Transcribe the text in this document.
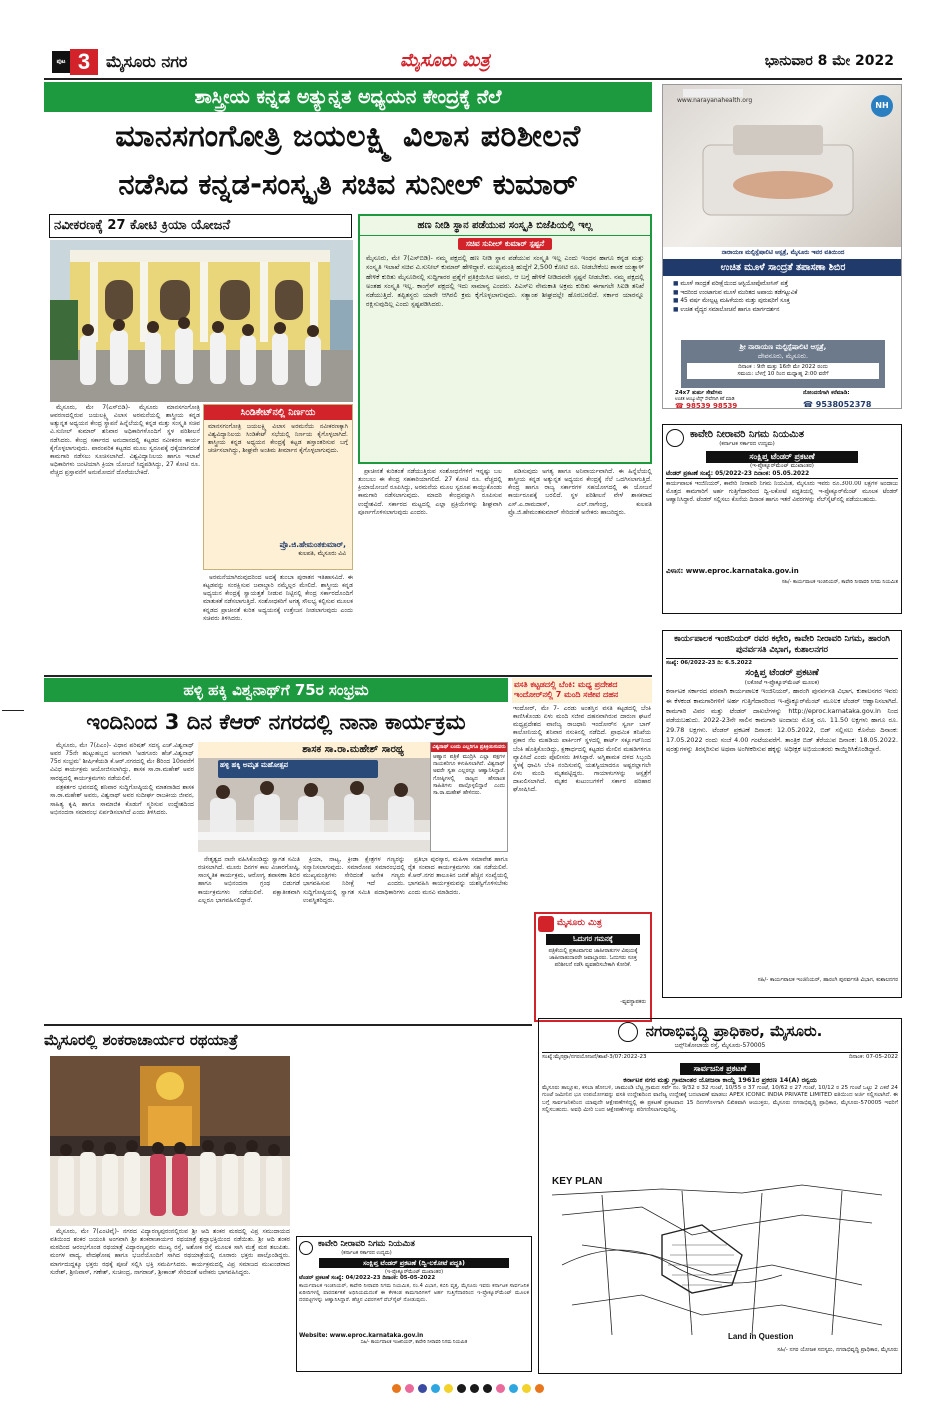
ಪುಟ 3 ಮೈಸೂರು ನಗರ	ಮೈಸೂರು ಮಿತ್ರ	ಭಾನುವಾರ 8 ಮೇ 2022
ಶಾಸ್ತ್ರೀಯ ಕನ್ನಡ ಅತ್ಯುನ್ನತ ಅಧ್ಯಯನ ಕೇಂದ್ರಕ್ಕೆ ನೆಲೆ
ಮಾನಸಗಂಗೋತ್ರಿ ಜಯಲಕ್ಷ್ಮಿ ವಿಲಾಸ ಪರಿಶೀಲನೆ
ನಡೆಸಿದ ಕನ್ನಡ-ಸಂಸ್ಕೃತಿ ಸಚಿವ ಸುನೀಲ್ ಕುಮಾರ್
ನವೀಕರಣಕ್ಕೆ 27 ಕೋಟಿ ಕ್ರಿಯಾ ಯೋಜನೆ

ಮೈಸೂರು, ಮೇ 7(ಎಸ್‌ಬಿಡಿ)- ಮೈಸೂರು ಮಾನಸಗಂಗೋತ್ರಿ ಆವರಣದಲ್ಲಿರುವ ಜಯಲಕ್ಷ್ಮಿ ವಿಲಾಸ ಅರಮನೆಯಲ್ಲಿ ಶಾಸ್ತ್ರೀಯ ಕನ್ನಡ ಅತ್ಯುನ್ನತ ಅಧ್ಯಯನ ಕೇಂದ್ರ ಸ್ಥಾಪನೆ ಹಿನ್ನೆಲೆಯಲ್ಲಿ ಕನ್ನಡ ಮತ್ತು ಸಂಸ್ಕೃತಿ ಸಚಿವ ವಿ.ಸುನೀಲ್ ಕುಮಾರ್ ಶನಿವಾರ ಅಧಿಕಾರಿಗಳೊಂದಿಗೆ ಸ್ಥಳ ಪರಿಶೀಲನೆ ನಡೆಸಿದರು. ಕೇಂದ್ರ ಸರ್ಕಾರದ ಅನುದಾನದಲ್ಲಿ ಕಟ್ಟಡದ ನವೀಕರಣ ಕಾರ್ಯ ಕೈಗೊಳ್ಳಲಾಗುವುದು. ಪಾರಂಪರಿಕ ಕಟ್ಟಡದ ಮೂಲ ಸ್ವರೂಪಕ್ಕೆ ಧಕ್ಕೆಯಾಗದಂತೆ ಕಾಮಗಾರಿ ನಡೆಸಲು ಸೂಚಿಸಲಾಗಿದೆ. ವಿಶ್ವವಿದ್ಯಾನಿಲಯ ಹಾಗೂ ಇಲಾಖೆ ಅಧಿಕಾರಿಗಳು ಜಂಟಿಯಾಗಿ ಕ್ರಿಯಾ ಯೋಜನೆ ಸಿದ್ಧಪಡಿಸಿದ್ದು, 27 ಕೋಟಿ ರೂ. ವೆಚ್ಚದ ಪ್ರಸ್ತಾವನೆಗೆ ಅನುಮೋದನೆ ದೊರೆಯಬೇಕಿದೆ.

ಸಿಂಡಿಕೇಟ್‌ನಲ್ಲಿ ನಿರ್ಣಯ
ಮಾನಸಗಂಗೋತ್ರಿ ಜಯಲಕ್ಷ್ಮಿ ವಿಲಾಸ ಅರಮನೆಯ ನವೀಕರಣಕ್ಕಾಗಿ ವಿಶ್ವವಿದ್ಯಾನಿಲಯ ಸಿಂಡಿಕೇಟ್ ಸಭೆಯಲ್ಲಿ ನಿರ್ಣಯ ಕೈಗೊಳ್ಳಲಾಗಿದೆ. ಶಾಸ್ತ್ರೀಯ ಕನ್ನಡ ಅಧ್ಯಯನ ಕೇಂದ್ರಕ್ಕೆ ಕಟ್ಟಡ ಹಸ್ತಾಂತರಿಸುವ ಬಗ್ಗೆ ಚರ್ಚಿಸಲಾಗಿದ್ದು, ಶೀಘ್ರವೇ ಅಂತಿಮ ತೀರ್ಮಾನ ಕೈಗೊಳ್ಳಲಾಗುವುದು.
ಪ್ರೊ.ಜಿ.ಹೇಮಂತಕುಮಾರ್,
ಕುಲಪತಿ, ಮೈಸೂರು ವಿವಿ

ಅರಮನೆಯಾಗಿರುವುದರಿಂದ ಅದಕ್ಕೆ ತುಂಬಾ ಪುರಾತನ ಇತಿಹಾಸವಿದೆ. ಈ ಕಟ್ಟಡವನ್ನು ಸಂರಕ್ಷಿಸುವ ಜವಾಬ್ದಾರಿ ನಮ್ಮೆಲ್ಲರ ಮೇಲಿದೆ. ಶಾಸ್ತ್ರೀಯ ಕನ್ನಡ ಅಧ್ಯಯನ ಕೇಂದ್ರಕ್ಕೆ ಸ್ವಾಯತ್ತತೆ ನೀಡುವ ನಿಟ್ಟಿನಲ್ಲಿ ಕೇಂದ್ರ ಸರ್ಕಾರದೊಂದಿಗೆ ಮಾತುಕತೆ ನಡೆಸಲಾಗುತ್ತಿದೆ. ಸಂಶೋಧಕರಿಗೆ ಅಗತ್ಯ ಸೌಲಭ್ಯ ಕಲ್ಪಿಸುವ ಮೂಲಕ ಕನ್ನಡದ ಪ್ರಾಚೀನತೆ ಕುರಿತ ಅಧ್ಯಯನಕ್ಕೆ ಉತ್ತೇಜನ ನೀಡಲಾಗುವುದು ಎಂದು ಸಚಿವರು ತಿಳಿಸಿದರು.

ಹಣ ನೀಡಿ ಸ್ಥಾನ ಪಡೆಯುವ ಸಂಸ್ಕೃತಿ ಬಿಜೆಪಿಯಲ್ಲಿ ಇಲ್ಲ
ಸಚಿವ ಸುನೀಲ್ ಕುಮಾರ್ ಸ್ಪಷ್ಟನೆ
ಮೈಸೂರು, ಮೇ 7(ಎಸ್‌ಬಿಡಿ)- ನಮ್ಮ ಪಕ್ಷದಲ್ಲಿ ಹಣ ನೀಡಿ ಸ್ಥಾನ ಪಡೆಯುವ ಸಂಸ್ಕೃತಿ ಇಲ್ಲ ಎಂದು ಇಂಧನ ಹಾಗೂ ಕನ್ನಡ ಮತ್ತು ಸಂಸ್ಕೃತಿ ಇಲಾಖೆ ಸಚಿವ ವಿ.ಸುನೀಲ್ ಕುಮಾರ್ ಹೇಳಿದ್ದಾರೆ. ಮುಖ್ಯಮಂತ್ರಿ ಹುದ್ದೆಗೆ 2,500 ಕೋಟಿ ರೂ. ನೀಡಬೇಕೆಂಬ ಶಾಸಕ ಯತ್ನಾಳ್ ಹೇಳಿಕೆ ಕುರಿತು ಮೈಸೂರಿನಲ್ಲಿ ಸುದ್ದಿಗಾರರ ಪ್ರಶ್ನೆಗೆ ಪ್ರತಿಕ್ರಿಯಿಸಿದ ಅವರು, ಆ ಬಗ್ಗೆ ಹೇಳಿಕೆ ನೀಡಿದವರೇ ಸ್ಪಷ್ಟನೆ ನೀಡಬೇಕು. ನಮ್ಮ ಪಕ್ಷದಲ್ಲಿ ಅಂತಹ ಸಂಸ್ಕೃತಿ ಇಲ್ಲ. ಕಾಂಗ್ರೆಸ್ ಪಕ್ಷದಲ್ಲಿ ಇದು ಸಾಮಾನ್ಯ ಎಂದರು. ಪಿಎಸ್‌ಐ ನೇಮಕಾತಿ ಅಕ್ರಮ ಕುರಿತು ಈಗಾಗಲೇ ಸಿಐಡಿ ತನಿಖೆ ನಡೆಯುತ್ತಿದೆ. ತಪ್ಪಿತಸ್ಥರು ಯಾರೇ ಆಗಿರಲಿ ಕ್ರಮ ಕೈಗೊಳ್ಳಲಾಗುವುದು. ಸತ್ಯಾಂಶ ಶೀಘ್ರದಲ್ಲೇ ಹೊರಬರಲಿದೆ. ಸರ್ಕಾರ ಯಾರನ್ನೂ ರಕ್ಷಿಸುವುದಿಲ್ಲ ಎಂದು ಸ್ಪಷ್ಟಪಡಿಸಿದರು.

ಪ್ರಾಚೀನತೆ ಕುರಿತಂತೆ ನಡೆಯುತ್ತಿರುವ ಸಂಶೋಧನೆಗಳಿಗೆ ಇನ್ನಷ್ಟು ಬಲ ತುಂಬಲು ಈ ಕೇಂದ್ರ ಸಹಕಾರಿಯಾಗಲಿದೆ. 27 ಕೋಟಿ ರೂ. ವೆಚ್ಚದಲ್ಲಿ ಕ್ರಿಯಾಯೋಜನೆ ರೂಪಿಸಿದ್ದು, ಅರಮನೆಯ ಮೂಲ ಸ್ವರೂಪ ಕಾಯ್ದುಕೊಂಡು ಕಾಮಗಾರಿ ನಡೆಸಲಾಗುವುದು. ಮಾದರಿ ಕೇಂದ್ರವನ್ನಾಗಿ ರೂಪಿಸುವ ಉದ್ದೇಶವಿದೆ. ಸರ್ಕಾರದ ಮಟ್ಟದಲ್ಲಿ ಎಲ್ಲಾ ಪ್ರಕ್ರಿಯೆಗಳನ್ನು ಶೀಘ್ರವಾಗಿ ಪೂರ್ಣಗೊಳಿಸಲಾಗುವುದು ಎಂದರು.

ಪಡಿಸುವುದು ಅಗತ್ಯ ಹಾಗೂ ಅನಿವಾರ್ಯವಾಗಿದೆ. ಈ ಹಿನ್ನೆಲೆಯಲ್ಲಿ ಶಾಸ್ತ್ರೀಯ ಕನ್ನಡ ಅತ್ಯುನ್ನತ ಅಧ್ಯಯನ ಕೇಂದ್ರಕ್ಕೆ ನೆಲೆ ಒದಗಿಸಲಾಗುತ್ತಿದೆ. ಕೇಂದ್ರ ಹಾಗೂ ರಾಜ್ಯ ಸರ್ಕಾರಗಳ ಸಹಯೋಗದಲ್ಲಿ ಈ ಯೋಜನೆ ಕಾರ್ಯರೂಪಕ್ಕೆ ಬರಲಿದೆ. ಸ್ಥಳ ಪರಿಶೀಲನೆ ವೇಳೆ ಶಾಸಕರಾದ ಎಸ್.ಎ.ರಾಮದಾಸ್, ಎಲ್.ನಾಗೇಂದ್ರ, ಕುಲಪತಿ ಪ್ರೊ.ಜಿ.ಹೇಮಂತಕುಮಾರ್ ಸೇರಿದಂತೆ ಅನೇಕರು ಹಾಜರಿದ್ದರು.

www.narayanahealth.org
NH
ನಾರಾಯಣ ಮಲ್ಟಿಸ್ಪೆಷಾಲಿಟಿ ಆಸ್ಪತ್ರೆ, ಮೈಸೂರು ಇವರ ವತಿಯಿಂದ
ಉಚಿತ ಮೂಳೆ ಸಾಂದ್ರತೆ ತಪಾಸಣಾ ಶಿಬಿರ
■ ಮೂಳೆ ಸಾಂದ್ರತೆ ಪರೀಕ್ಷೆಯಿಂದ ಆಸ್ಟಿಯೋಪೊರೋಸಿಸ್ ಪತ್ತೆ
■ ಇದರಿಂದ ಉಂಟಾಗುವ ಮೂಳೆ ಮುರಿತದ ಅಪಾಯ ತಡೆಗಟ್ಟುವಿಕೆ
■ 45 ವರ್ಷ ಮೇಲ್ಪಟ್ಟ ಮಹಿಳೆಯರು ಮತ್ತು ಪುರುಷರಿಗೆ ಸೂಕ್ತ
■ ಉಚಿತ ವೈದ್ಯರ ಸಮಾಲೋಚನೆ ಹಾಗೂ ಮಾರ್ಗದರ್ಶನ
ಶ್ರೀ ನಾರಾಯಣ ಮಲ್ಟಿಸ್ಪೆಷಾಲಿಟಿ ಆಸ್ಪತ್ರೆ,
ದೇವನೂರು, ಮೈಸೂರು.
ದಿನಾಂಕ : 9ನೇ ಮತ್ತು 16ನೇ ಮೇ 2022 ರಂದು
ಸಮಯ: ಬೆಳಗ್ಗೆ 10 ರಿಂದ ಮಧ್ಯಾಹ್ನ 2:00 ವರೆಗೆ
24x7 ತುರ್ತು ಸೇವೆಗಳು
ಉಚಿತ ಆಂಬ್ಯುಲೆನ್ಸ್ ಸೇವೆಗಾಗಿ ಕರೆ ಮಾಡಿ
☎ 98539 98539
ನೋಂದಣಿಗಾಗಿ ಕರೆಮಾಡಿ:
☎ 9538052378
ಕಾವೇರಿ ನೀರಾವರಿ ನಿಗಮ ನಿಯಮಿತ
(ಕರ್ನಾಟಕ ಸರ್ಕಾರದ ಉದ್ಯಮ)
ಸಂಕ್ಷಿಪ್ತ ಟೆಂಡರ್ ಪ್ರಕಟಣೆ
(ಇ-ಪ್ರೊಕ್ಯೂರ್‌ಮೆಂಟ್ ಮುಖಾಂತರ)
ಟೆಂಡರ್ ಪ್ರಕಟಣೆ ಸಂಖ್ಯೆ: 05/2022-23 ದಿನಾಂಕ: 05.05.2022
ಕಾರ್ಯಪಾಲಕ ಇಂಜಿನಿಯರ್, ಕಾವೇರಿ ನೀರಾವರಿ ನಿಗಮ ನಿಯಮಿತ, ಮೈಸೂರು ಇವರು ರೂ.300.00 ಲಕ್ಷಗಳ ಅಂದಾಜು ಮೊತ್ತದ ಕಾಮಗಾರಿಗೆ ಅರ್ಹ ಗುತ್ತಿಗೆದಾರರಿಂದ ದ್ವಿ-ಲಕೋಟೆ ಪದ್ಧತಿಯಲ್ಲಿ ಇ-ಪ್ರೊಕ್ಯೂರ್‌ಮೆಂಟ್ ಮೂಲಕ ಟೆಂಡರ್ ಆಹ್ವಾನಿಸಿದ್ದಾರೆ. ಟೆಂಡರ್ ಸಲ್ಲಿಸಲು ಕೊನೆಯ ದಿನಾಂಕ ಹಾಗೂ ಇತರೆ ವಿವರಗಳನ್ನು ವೆಬ್‌ಸೈಟ್‌ನಲ್ಲಿ ಪಡೆಯಬಹುದು.
ವಿಳಾಸ: www.eproc.karnataka.gov.in
ಸಹಿ/- ಕಾರ್ಯಪಾಲಕ ಇಂಜಿನಿಯರ್, ಕಾವೇರಿ ನೀರಾವರಿ ನಿಗಮ ನಿಯಮಿತ
ಕಾರ್ಯಪಾಲಕ ಇಂಜಿನಿಯರ್ ರವರ ಕಛೇರಿ, ಕಾವೇರಿ ನೀರಾವರಿ ನಿಗಮ, ಹಾರಂಗಿ ಪುನರ್ವಸತಿ ವಿಭಾಗ, ಕುಶಾಲನಗರ
ಸಂಖ್ಯೆ: 06/2022-23 ದಿ: 6.5.2022
ಸಂಕ್ಷಿಪ್ತ ಟೆಂಡರ್ ಪ್ರಕಟಣೆ
(ಲಕೋಟೆ ಇ-ಪ್ರೊಕ್ಯೂರ್‌ಮೆಂಟ್ ಮೂಲಕ)
ಕರ್ನಾಟಕ ಸರ್ಕಾರದ ಪರವಾಗಿ ಕಾರ್ಯಪಾಲಕ ಇಂಜಿನಿಯರ್, ಹಾರಂಗಿ ಪುನರ್ವಸತಿ ವಿಭಾಗ, ಕುಶಾಲನಗರ ಇವರು ಈ ಕೆಳಕಂಡ ಕಾಮಗಾರಿಗಳಿಗೆ ಅರ್ಹ ಗುತ್ತಿಗೆದಾರರಿಂದ ಇ-ಪ್ರೊಕ್ಯೂರ್‌ಮೆಂಟ್ ಮೂಲಕ ಟೆಂಡರ್ ಆಹ್ವಾನಿಸಲಾಗಿದೆ. ಕಾಮಗಾರಿ ವಿವರ ಮತ್ತು ಟೆಂಡರ್ ದಾಖಲೆಗಳನ್ನು http://eproc.karnataka.gov.in ನಿಂದ ಪಡೆಯಬಹುದು. 2022-23ನೇ ಸಾಲಿನ ಕಾಮಗಾರಿ ಅಂದಾಜು ಮೊತ್ತ ರೂ. 11.50 ಲಕ್ಷಗಳು ಹಾಗೂ ರೂ. 29.78 ಲಕ್ಷಗಳು. ಟೆಂಡರ್ ಪ್ರಕಟಣೆ ದಿನಾಂಕ: 12.05.2022, ಬಿಡ್ ಸಲ್ಲಿಸಲು ಕೊನೆಯ ದಿನಾಂಕ: 17.05.2022 ರಂದು ಸಂಜೆ 4.00 ಗಂಟೆಯವರೆಗೆ. ತಾಂತ್ರಿಕ ಬಿಡ್ ತೆರೆಯುವ ದಿನಾಂಕ: 18.05.2022. ಷರತ್ತುಗಳನ್ನು ತಿರಸ್ಕರಿಸುವ ಅಥವಾ ಅಂಗೀಕರಿಸುವ ಹಕ್ಕನ್ನು ಅಧೀಕ್ಷಕ ಅಭಿಯಂತರರು ಕಾಯ್ದಿರಿಸಿಕೊಂಡಿದ್ದಾರೆ.
ಸಹಿ/- ಕಾರ್ಯಪಾಲಕ ಇಂಜಿನಿಯರ್, ಹಾರಂಗಿ ಪುನರ್ವಸತಿ ವಿಭಾಗ, ಕುಶಾಲನಗರ
ಹಳ್ಳಿ ಹಕ್ಕಿ ವಿಶ್ವನಾಥ್‌ಗೆ 75ರ ಸಂಭ್ರಮ
ಇಂದಿನಿಂದ 3 ದಿನ ಕೆಆರ್ ನಗರದಲ್ಲಿ ನಾನಾ ಕಾರ್ಯಕ್ರಮ
ಶಾಸಕ ಸಾ.ರಾ.ಮಹೇಶ್ ಸಾರಥ್ಯ
ಹಳ್ಳಿ ಹಕ್ಕಿ ಅಮೃತ ಮಹೋತ್ಸವ

ಮೈಸೂರು, ಮೇ 7(ಪಿಎಂ)- ವಿಧಾನ ಪರಿಷತ್ ಸದಸ್ಯ ಎಚ್.ವಿಶ್ವನಾಥ್ ಅವರ 75ನೇ ಹುಟ್ಟುಹಬ್ಬದ ಅಂಗವಾಗಿ 'ಅಡಗೂರು ಹೆಚ್.ವಿಶ್ವನಾಥ್ 75ರ ಸಂಭ್ರಮ' ಶೀರ್ಷಿಕೆಯಡಿ ಕೆ.ಆರ್.ನಗರದಲ್ಲಿ ಮೇ 8ರಿಂದ 10ರವರೆಗೆ ವಿವಿಧ ಕಾರ್ಯಕ್ರಮ ಆಯೋಜಿಸಲಾಗಿದ್ದು, ಶಾಸಕ ಸಾ.ರಾ.ಮಹೇಶ್ ಅವರ ಸಾರಥ್ಯದಲ್ಲಿ ಕಾರ್ಯಕ್ರಮಗಳು ನಡೆಯಲಿವೆ.

ಪತ್ರಕರ್ತರ ಭವನದಲ್ಲಿ ಶನಿವಾರ ಸುದ್ದಿಗೋಷ್ಠಿಯಲ್ಲಿ ಮಾತನಾಡಿದ ಶಾಸಕ ಸಾ.ರಾ.ಮಹೇಶ್ ಅವರು, ವಿಶ್ವನಾಥ್ ಅವರ ಸುದೀರ್ಘ ರಾಜಕೀಯ ಜೀವನ, ಸಾಹಿತ್ಯ ಕೃಷಿ ಹಾಗೂ ಸಾಮಾಜಿಕ ಕೊಡುಗೆ ಸ್ಮರಿಸುವ ಉದ್ದೇಶದಿಂದ ಅಭಿನಂದನಾ ಸಮಾರಂಭ ಏರ್ಪಡಿಸಲಾಗಿದೆ ಎಂದು ತಿಳಿಸಿದರು.

ನೇತೃತ್ವದ ನಾನೇ ವಹಿಸಿಕೊಂಡಿದ್ದು ಸ್ವಾಗತ ಸಮಿತಿ ರಚಿಸಲಾಗಿದೆ. ಮೂರು ದಿನಗಳ ಕಾಲ ವಿಚಾರಗೋಷ್ಠಿ, ಸಾಂಸ್ಕೃತಿಕ ಕಾರ್ಯಕ್ರಮ, ಆರೋಗ್ಯ ತಪಾಸಣಾ ಶಿಬಿರ ಹಾಗೂ ಅಭಿನಂದನಾ ಗ್ರಂಥ ಬಿಡುಗಡೆ ಕಾರ್ಯಕ್ರಮಗಳು ನಡೆಯಲಿವೆ. ಪಕ್ಷಾತೀತವಾಗಿ ಎಲ್ಲರೂ ಭಾಗವಹಿಸಲಿದ್ದಾರೆ.

ಕ್ರಿಯಾ, ನಾಟ್ಯ, ಕ್ರೀಡಾ ಕ್ಷೇತ್ರಗಳ ಗಣ್ಯರನ್ನು ಸನ್ಮಾನಿಸಲಾಗುವುದು. ಸಮಾರೋಪ ಸಮಾರಂಭದಲ್ಲಿ ಮುಖ್ಯಮಂತ್ರಿಗಳು ಸೇರಿದಂತೆ ಅನೇಕ ಗಣ್ಯರು ಭಾಗವಹಿಸುವ ನಿರೀಕ್ಷೆ ಇದೆ ಎಂದರು. ಸುದ್ದಿಗೋಷ್ಠಿಯಲ್ಲಿ ಸ್ವಾಗತ ಸಮಿತಿ ಪದಾಧಿಕಾರಿಗಳು ಉಪಸ್ಥಿತರಿದ್ದರು.

ಪ್ರತಿಭಾ ಪುರಸ್ಕಾರ, ಮಹಿಳಾ ಸಮಾವೇಶ ಹಾಗೂ ರೈತ ಸಂವಾದ ಕಾರ್ಯಕ್ರಮಗಳು ಸಹ ನಡೆಯಲಿವೆ. ಕೆ.ಆರ್.ನಗರ ತಾಲೂಕಿನ ಜನತೆ ಹೆಚ್ಚಿನ ಸಂಖ್ಯೆಯಲ್ಲಿ ಭಾಗವಹಿಸಿ ಕಾರ್ಯಕ್ರಮವನ್ನು ಯಶಸ್ವಿಗೊಳಿಸಬೇಕು ಎಂದು ಮನವಿ ಮಾಡಿದರು.

ವಿಶ್ವನಾಥ್ ಬಂದು ಎಲ್ಲರಿಗೂ ಪ್ರತಿಕ್ರಿಯಿಸುವರು
ಆಹ್ವಾನ ಪತ್ರಿಕೆ ಮುದ್ರಿಸಿ ಎಲ್ಲಾ ಪಕ್ಷಗಳ ನಾಯಕರಿಗೂ ಕಳುಹಿಸಲಾಗಿದೆ. ವಿಶ್ವನಾಥ್ ಅವರೇ ಸ್ವತಃ ಎಲ್ಲರನ್ನೂ ಆಹ್ವಾನಿಸಿದ್ದಾರೆ. ಗೋಷ್ಠಿಗಳಲ್ಲಿ ರಾಜ್ಯದ ಹೆಸರಾಂತ ಸಾಹಿತಿಗಳು ಪಾಲ್ಗೊಳ್ಳಲಿದ್ದಾರೆ ಎಂದು ಸಾ.ರಾ.ಮಹೇಶ್ ಹೇಳಿದರು.
ವಸತಿ ಕಟ್ಟಡದಲ್ಲಿ ಬೆಂಕಿ: ಮಧ್ಯ ಪ್ರದೇಶದ ಇಂದೋರ್‌ನಲ್ಲಿ 7 ಮಂದಿ ಸಜೀವ ದಹನ
ಇಂದೋರ್, ಮೇ 7- ಎರಡು ಅಂತಸ್ತಿನ ವಸತಿ ಕಟ್ಟಡದಲ್ಲಿ ಬೆಂಕಿ ಕಾಣಿಸಿಕೊಂಡು ಏಳು ಮಂದಿ ಸಜೀವ ದಹನವಾಗಿರುವ ದಾರುಣ ಘಟನೆ ಮಧ್ಯಪ್ರದೇಶದ ವಾಣಿಜ್ಯ ರಾಜಧಾನಿ ಇಂದೋರ್‌ನ ಸ್ವರ್ಣ ಬಾಗ್ ಕಾಲೋನಿಯಲ್ಲಿ ಶನಿವಾರ ನಸುಕಿನಲ್ಲಿ ನಡೆದಿದೆ. ಪ್ರಾಥಮಿಕ ತನಿಖೆಯ ಪ್ರಕಾರ ನೆಲ ಮಹಡಿಯ ಪಾರ್ಕಿಂಗ್ ಸ್ಥಳದಲ್ಲಿ ಶಾರ್ಟ್ ಸರ್ಕ್ಯೂಟ್‌ನಿಂದ ಬೆಂಕಿ ಹೊತ್ತಿಕೊಂಡಿದ್ದು, ಕ್ಷಣಾರ್ಧದಲ್ಲಿ ಕಟ್ಟಡದ ಮೇಲಿನ ಮಹಡಿಗಳಿಗೂ ವ್ಯಾಪಿಸಿದೆ ಎಂದು ಪೊಲೀಸರು ತಿಳಿಸಿದ್ದಾರೆ. ಅಗ್ನಿಶಾಮಕ ದಳದ ಸಿಬ್ಬಂದಿ ಸ್ಥಳಕ್ಕೆ ಧಾವಿಸಿ ಬೆಂಕಿ ನಂದಿಸುವಲ್ಲಿ ಯಶಸ್ವಿಯಾದರೂ ಅಷ್ಟರಲ್ಲಾಗಲೇ ಏಳು ಮಂದಿ ಮೃತಪಟ್ಟಿದ್ದರು. ಗಾಯಾಳುಗಳನ್ನು ಆಸ್ಪತ್ರೆಗೆ ದಾಖಲಿಸಲಾಗಿದೆ. ಮೃತರ ಕುಟುಂಬಗಳಿಗೆ ಸರ್ಕಾರ ಪರಿಹಾರ ಘೋಷಿಸಿದೆ.
ಮೈಸೂರು ಮಿತ್ರ
ಓದುಗರ ಗಮನಕ್ಕೆ
ಪತ್ರಿಕೆಯಲ್ಲಿ ಪ್ರಕಟವಾಗುವ ಜಾಹೀರಾತುಗಳ ವಿಷಯಕ್ಕೆ ಜಾಹೀರಾತುದಾರರೇ ಜವಾಬ್ದಾರರು. ಓದುಗರು ಸೂಕ್ತ ಪರಿಶೀಲನೆ ನಡೆಸಿ ವ್ಯವಹರಿಸಬೇಕಾಗಿ ಕೋರಿಕೆ.
-ವ್ಯವಸ್ಥಾಪಕರು
ಮೈಸೂರಲ್ಲಿ ಶಂಕರಾಚಾರ್ಯರ ರಥಯಾತ್ರೆ

ಮೈಸೂರು, ಮೇ 7(ಎಂಟಿವೈ)- ನಗರದ ವಿದ್ಯಾರಣ್ಯಪುರಂನಲ್ಲಿರುವ ಶ್ರೀ ಆದಿ ಶಂಕರ ಮಠದಲ್ಲಿ ವಿಪ್ರ ಸಮುದಾಯದ ವತಿಯಿಂದ ಶಂಕರ ಜಯಂತಿ ಅಂಗವಾಗಿ ಶ್ರೀ ಶಂಕರಾಚಾರ್ಯರ ರಥಯಾತ್ರೆ ಶ್ರದ್ಧಾಭಕ್ತಿಯಿಂದ ನಡೆಯಿತು. ಶ್ರೀ ಆದಿ ಶಂಕರ ಮಠದಿಂದ ಆರಂಭಗೊಂಡ ರಥಯಾತ್ರೆ ವಿದ್ಯಾರಣ್ಯಪುರಂ ಮುಖ್ಯ ರಸ್ತೆ, ಅಶೋಕ ರಸ್ತೆ ಮೂಲಕ ಸಾಗಿ ಮತ್ತೆ ಮಠ ತಲುಪಿತು. ಮಂಗಳ ವಾದ್ಯ, ವೇದಘೋಷ ಹಾಗೂ ಭಜನೆಯೊಂದಿಗೆ ಸಾಗಿದ ರಥಯಾತ್ರೆಯಲ್ಲಿ ನೂರಾರು ಭಕ್ತರು ಪಾಲ್ಗೊಂಡಿದ್ದರು. ಮಾರ್ಗದುದ್ದಕ್ಕೂ ಭಕ್ತರು ರಥಕ್ಕೆ ಪೂಜೆ ಸಲ್ಲಿಸಿ ಭಕ್ತಿ ಸಮರ್ಪಿಸಿದರು. ಕಾರ್ಯಕ್ರಮದಲ್ಲಿ ವಿಪ್ರ ಸಮಾಜದ ಮುಖಂಡರಾದ ಸುರೇಶ್, ಶ್ರೀನಿವಾಸ್, ಗಣೇಶ್, ಸುಚೀಂದ್ರ, ನಾಗರಾಜ್, ಶ್ರೀಕಾಂತ್ ಸೇರಿದಂತೆ ಅನೇಕರು ಭಾಗವಹಿಸಿದ್ದರು.

ಕಾವೇರಿ ನೀರಾವರಿ ನಿಗಮ ನಿಯಮಿತ
(ಕರ್ನಾಟಕ ಸರ್ಕಾರದ ಉದ್ಯಮ)
ಸಂಕ್ಷಿಪ್ತ ಟೆಂಡರ್ ಪ್ರಕಟಣೆ (ದ್ವಿ-ಲಕೋಟೆ ಪದ್ಧತಿ)
(ಇ-ಪ್ರೊಕ್ಯೂರ್‌ಮೆಂಟ್ ಮುಖಾಂತರ)
ಟೆಂಡರ್ ಪ್ರಕಟಣೆ ಸಂಖ್ಯೆ: 04/2022-23 ದಿನಾಂಕ: 05-05-2022
ಕಾರ್ಯಪಾಲಕ ಇಂಜಿನಿಯರ್, ಕಾವೇರಿ ನೀರಾವರಿ ನಿಗಮ ನಿಯಮಿತ, ನಂ.4 ವಿಭಾಗ, ಕಬಿನಿ ವೃತ್ತ, ಮೈಸೂರು ಇವರು ಕರ್ನಾಟಕ ಸಾರ್ವಜನಿಕ ಖರೀದಿಗಳಲ್ಲಿ ಪಾರದರ್ಶಕತೆ ಅಧಿನಿಯಮದಂತೆ ಈ ಕೆಳಕಂಡ ಕಾಮಗಾರಿಗಳಿಗೆ ಅರ್ಹ ಗುತ್ತಿಗೆದಾರರಿಂದ ಇ-ಪ್ರೊಕ್ಯೂರ್‌ಮೆಂಟ್ ಮೂಲಕ ದರಪಟ್ಟಿಗಳನ್ನು ಆಹ್ವಾನಿಸಿದ್ದಾರೆ. ಹೆಚ್ಚಿನ ವಿವರಗಳಿಗೆ ವೆಬ್‌ಸೈಟ್ ನೋಡುವುದು.
Website: www.eproc.karnataka.gov.in
ಸಹಿ/- ಕಾರ್ಯಪಾಲಕ ಇಂಜಿನಿಯರ್, ಕಾವೇರಿ ನೀರಾವರಿ ನಿಗಮ ನಿಯಮಿತ
ನಗರಾಭಿವೃದ್ಧಿ ಪ್ರಾಧಿಕಾರ, ಮೈಸೂರು.
ಜನ್ಸ್‌ನಿಕೋಲಾಯ ರಸ್ತೆ, ಮೈಸೂರು-570005
ಸಂಖ್ಯೆ:ಮೈನಪ್ರಾ/ನಗರಯೋಜನೆ/ಶಾಖೆ-3/07:2022-23	ದಿನಾಂಕ: 07-05-2022
ಸಾರ್ವಜನಿಕ ಪ್ರಕಟಣೆ
ಕರ್ನಾಟಕ ನಗರ ಮತ್ತು ಗ್ರಾಮಾಂತರ ಯೋಜನಾ ಕಾಯ್ದೆ 1961ರ ಪ್ರಕರಣ 14(A) ರನ್ವಯ
ಮೈಸೂರು ತಾಲ್ಲೂಕು, ಕಸಬಾ ಹೋಬಳಿ, ಚಾಮುಂಡಿ ಬೆಟ್ಟ ಗ್ರಾಮದ ಸರ್ವೆ ನಂ. 9/32 ರ 32 ಗುಂಟೆ, 10/55 ರ 37 ಗುಂಟೆ, 10/62 ರ 27 ಗುಂಟೆ, 10/12 ರ 25 ಗುಂಟೆ ಒಟ್ಟು 2 ಎಕರೆ 24 ಗುಂಟೆ ಜಮೀನಿನ ಭೂ ಉಪಯೋಗವನ್ನು ವಸತಿ ಉದ್ದೇಶದಿಂದ ವಾಣಿಜ್ಯ ಉದ್ದೇಶಕ್ಕೆ ಬದಲಾವಣೆ ಮಾಡಲು APEX ICONIC INDIA PRIVATE LIMITED ವತಿಯಿಂದ ಅರ್ಜಿ ಸಲ್ಲಿಸಲಾಗಿದೆ. ಈ ಬಗ್ಗೆ ಸಾರ್ವಜನಿಕರಿಂದ ಯಾವುದೇ ಆಕ್ಷೇಪಣೆಗಳಿದ್ದಲ್ಲಿ ಈ ಪ್ರಕಟಣೆ ಪ್ರಕಟವಾದ 15 ದಿನಗಳೊಳಗಾಗಿ ಲಿಖಿತವಾಗಿ ಆಯುಕ್ತರು, ಮೈಸೂರು ನಗರಾಭಿವೃದ್ಧಿ ಪ್ರಾಧಿಕಾರ, ಮೈಸೂರು-570005 ಇವರಿಗೆ ಸಲ್ಲಿಸಬಹುದು. ಅವಧಿ ಮೀರಿ ಬಂದ ಆಕ್ಷೇಪಣೆಗಳನ್ನು ಪರಿಗಣಿಸಲಾಗುವುದಿಲ್ಲ.
KEY PLAN
Land in Question
ಸಹಿ/- ನಗರ ಯೋಜಕ ಸದಸ್ಯರು, ನಗರಾಭಿವೃದ್ಧಿ ಪ್ರಾಧಿಕಾರ, ಮೈಸೂರು
